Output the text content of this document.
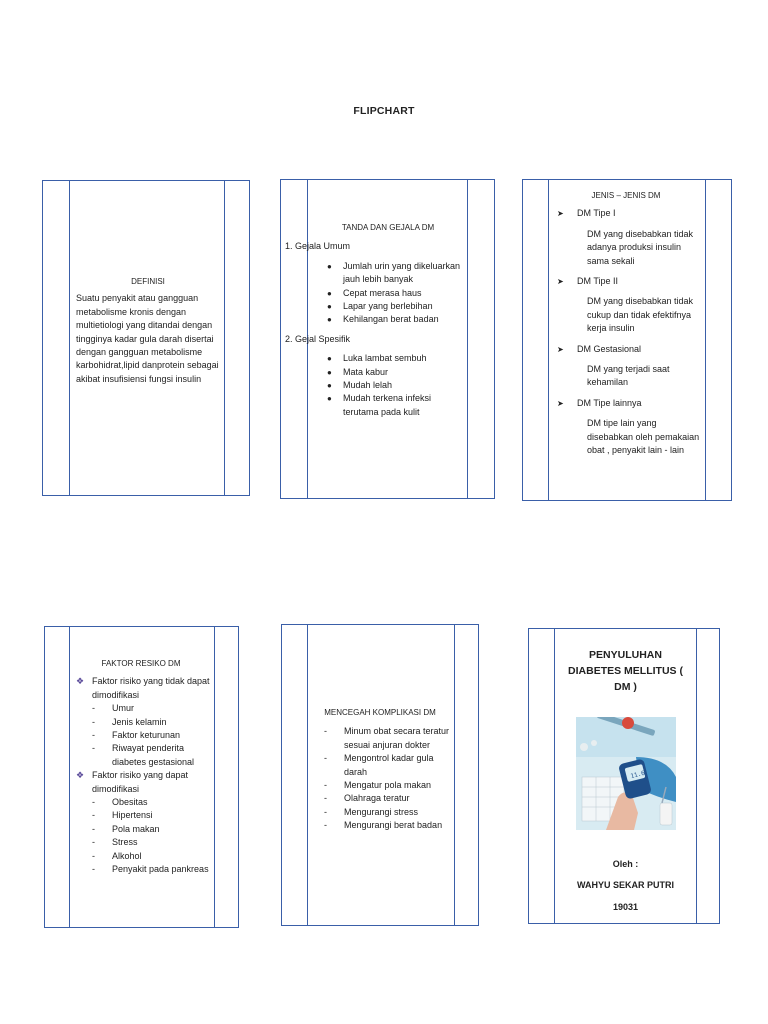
FLIPCHART
DEFINISI

Suatu penyakit atau gangguan metabolisme kronis dengan multietiologi yang ditandai dengan tingginya kadar gula darah disertai dengan gangguan metabolisme karbohidrat,lipid danprotein sebagai akibat insufisiensi fungsi insulin

TANDA DAN GEJALA DM
1. Gejala Umum
● Jumlah urin yang dikeluarkan jauh lebih banyak
● Cepat merasa haus
● Lapar yang berlebihan
● Kehilangan berat badan
2. Gejal Spesifik
● Luka lambat sembuh
● Mata kabur
● Mudah lelah
● Mudah terkena infeksi terutama pada kulit
JENIS – JENIS DM
➤ DM Tipe I

DM yang disebabkan tidak adanya produksi insulin sama sekali

➤ DM Tipe II

DM yang disebabkan tidak cukup dan tidak efektifnya kerja insulin

➤ DM Gestasional

DM yang terjadi saat kehamilan

➤ DM Tipe lainnya

DM tipe lain yang disebabkan oleh pemakaian obat , penyakit lain - lain

FAKTOR RESIKO DM
❖ Faktor risiko yang tidak dapat dimodifikasi
- Umur
- Jenis kelamin
- Faktor keturunan
- Riwayat penderita diabetes gestasional
❖ Faktor risiko yang dapat dimodifikasi
- Obesitas
- Hipertensi
- Pola makan
- Stress
- Alkohol
- Penyakit pada pankreas
MENCEGAH KOMPLIKASI DM
- Minum obat secara teratur sesuai anjuran dokter
- Mengontrol kadar gula darah
- Mengatur pola makan
- Olahraga teratur
- Mengurangi stress
- Mengurangi berat badan
PENYULUHAN DIABETES MELLITUS ( DM )
11.6
Oleh :
WAHYU SEKAR PUTRI
19031
